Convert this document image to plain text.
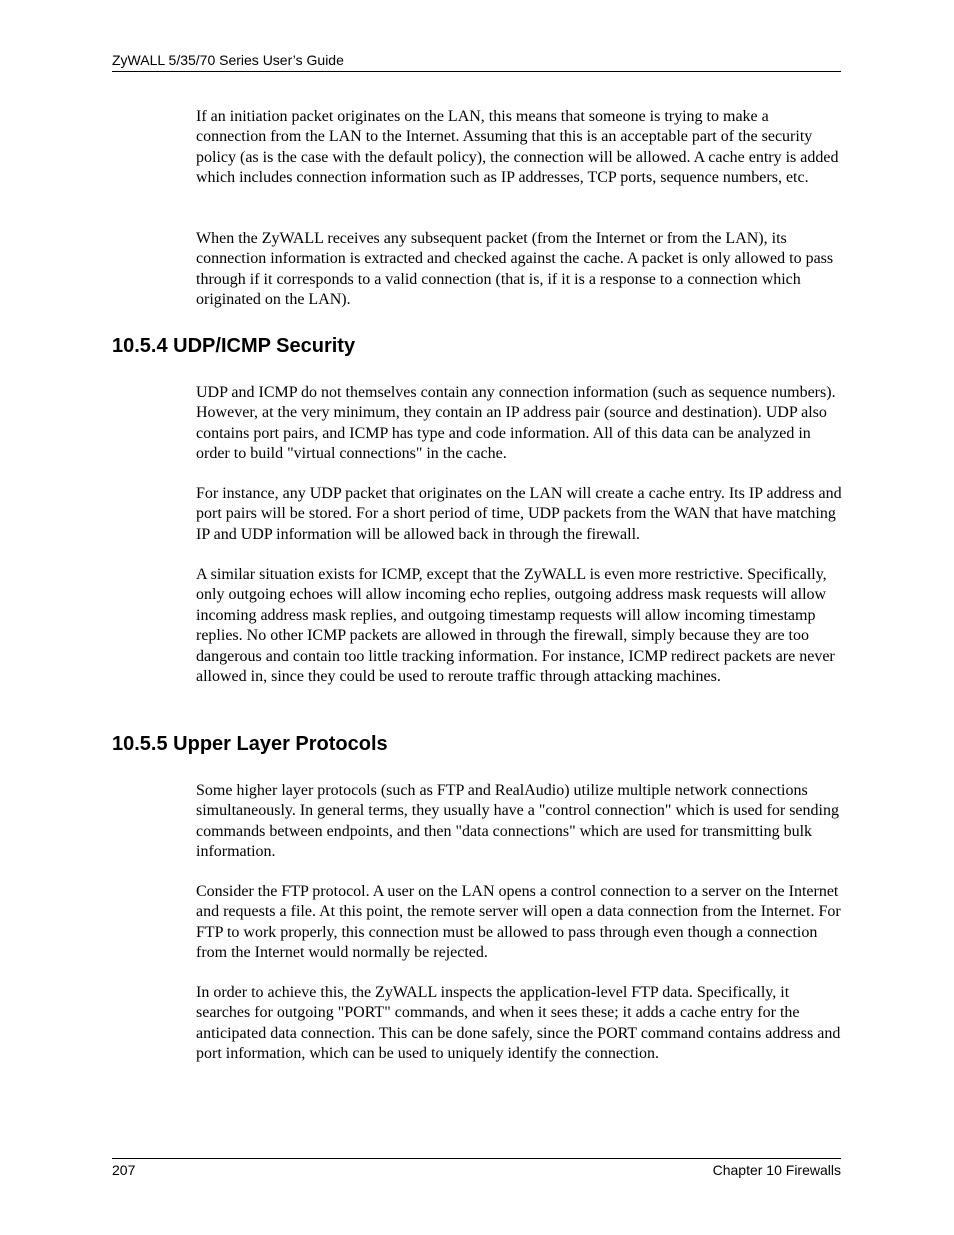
ZyWALL 5/35/70 Series User’s Guide

If an initiation packet originates on the LAN, this means that someone is trying to make a connection from the LAN to the Internet. Assuming that this is an acceptable part of the security policy (as is the case with the default policy), the connection will be allowed. A cache entry is added which includes connection information such as IP addresses, TCP ports, sequence numbers, etc.

When the ZyWALL receives any subsequent packet (from the Internet or from the LAN), its connection information is extracted and checked against the cache. A packet is only allowed to pass through if it corresponds to a valid connection (that is, if it is a response to a connection which originated on the LAN).

10.5.4 UDP/ICMP Security

UDP and ICMP do not themselves contain any connection information (such as sequence numbers). However, at the very minimum, they contain an IP address pair (source and destination). UDP also contains port pairs, and ICMP has type and code information. All of this data can be analyzed in order to build "virtual connections" in the cache.

For instance, any UDP packet that originates on the LAN will create a cache entry. Its IP address and port pairs will be stored. For a short period of time, UDP packets from the WAN that have matching IP and UDP information will be allowed back in through the firewall.

A similar situation exists for ICMP, except that the ZyWALL is even more restrictive. Specifically, only outgoing echoes will allow incoming echo replies, outgoing address mask requests will allow incoming address mask replies, and outgoing timestamp requests will allow incoming timestamp replies. No other ICMP packets are allowed in through the firewall, simply because they are too dangerous and contain too little tracking information. For instance, ICMP redirect packets are never allowed in, since they could be used to reroute traffic through attacking machines.

10.5.5 Upper Layer Protocols

Some higher layer protocols (such as FTP and RealAudio) utilize multiple network connections simultaneously. In general terms, they usually have a "control connection" which is used for sending commands between endpoints, and then "data connections" which are used for transmitting bulk information.

Consider the FTP protocol. A user on the LAN opens a control connection to a server on the Internet and requests a file. At this point, the remote server will open a data connection from the Internet. For FTP to work properly, this connection must be allowed to pass through even though a connection from the Internet would normally be rejected.

In order to achieve this, the ZyWALL inspects the application-level FTP data. Specifically, it searches for outgoing "PORT" commands, and when it sees these; it adds a cache entry for the anticipated data connection. This can be done safely, since the PORT command contains address and port information, which can be used to uniquely identify the connection.

207	Chapter 10 Firewalls
